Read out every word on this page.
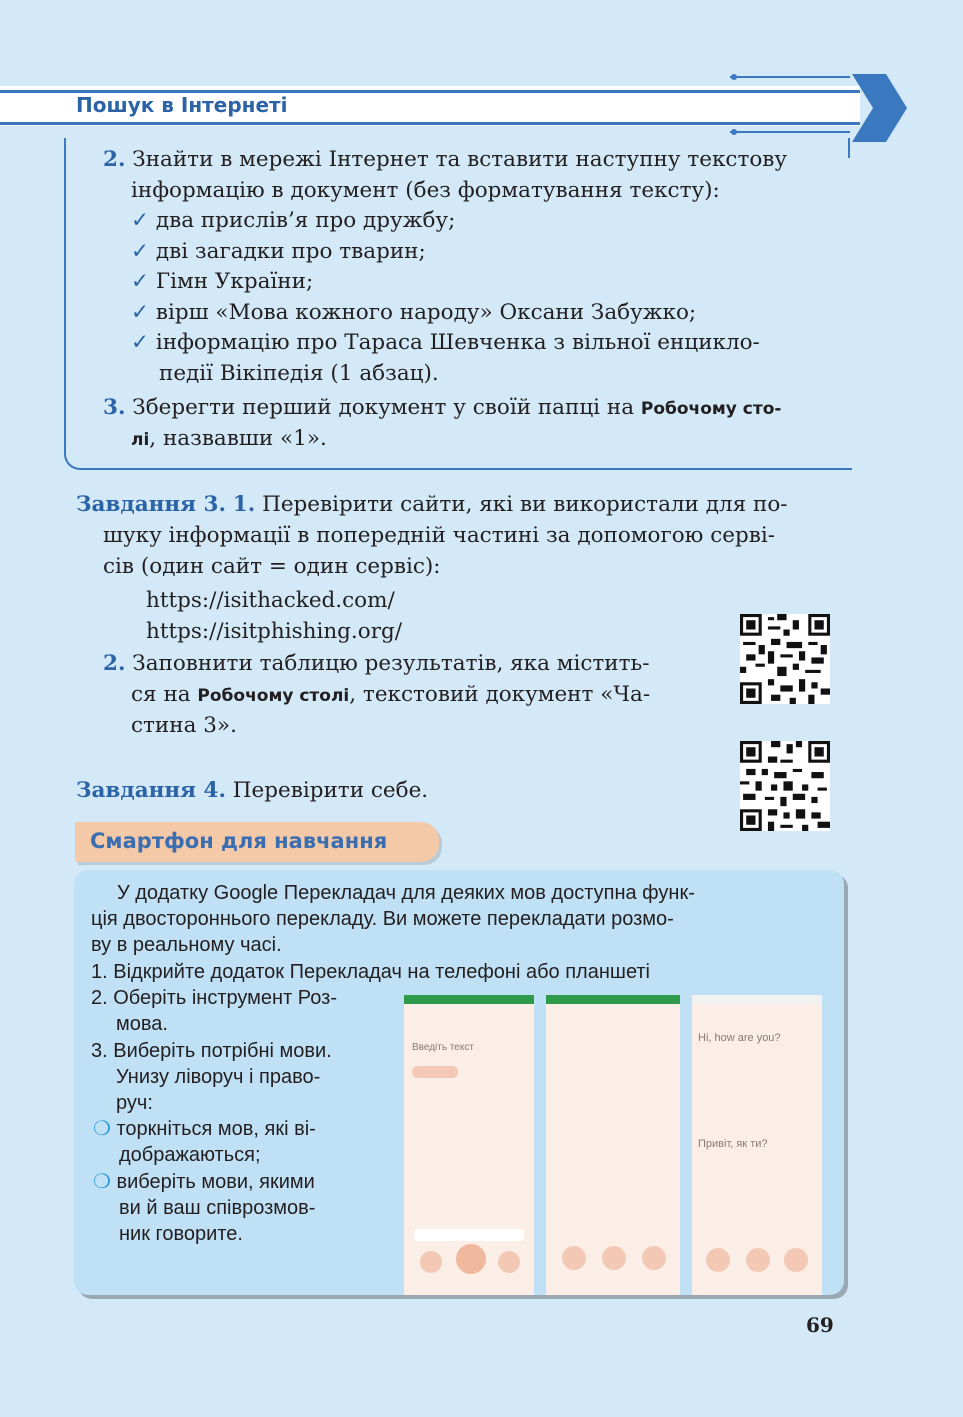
Пошук в Інтернеті
2. Знайти в мережі Інтернет та вставити наступну текстову
інформацію в документ (без форматування тексту):
✓ два прислів’я про дружбу;
✓ дві загадки про тварин;
✓ Гімн України;
✓ вірш «Мова кожного народу» Оксани Забужко;
✓ інформацію про Тараса Шевченка з вільної енцикло-
педії Вікіпедія (1 абзац).
3. Зберегти перший документ у своїй папці на Робочому сто-
лі, назвавши «1».
Завдання 3. 1. Перевірити сайти, які ви використали для по-
шуку інформації в попередній частині за допомогою серві-
сів (один сайт = один сервіс):
https://isithacked.com/
https://isitphishing.org/
2. Заповнити таблицю результатів, яка містить-
ся на Робочому столі, текстовий документ «Ча-
стина 3».
Завдання 4. Перевірити себе.
Смартфон для навчання
У додатку Google Перекладач для деяких мов доступна функ-
ція двостороннього перекладу. Ви можете перекладати розмо-
ву в реальному часі.
1. Відкрийте додаток Перекладач на телефоні або планшеті
2. Оберіть інструмент Роз-
мова.
3. Виберіть потрібні мови.
Унизу ліворуч і право-
руч:
❍ торкніться мов, які ві-
дображаються;
❍ виберіть мови, якими
ви й ваш співрозмов-
ник говорите.
Введіть текст
Hi, how are you?
Привіт, як ти?
69
